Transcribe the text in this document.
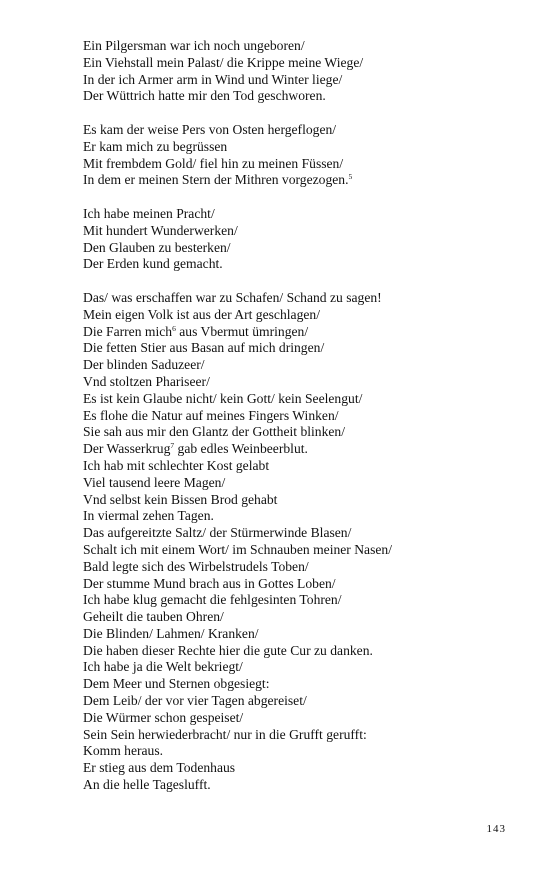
Ein Pilgersman war ich noch ungeboren/
Ein Viehstall mein Palast/ die Krippe meine Wiege/
In der ich Armer arm in Wind und Winter liege/
Der Wüttrich hatte mir den Tod geschworen.
Es kam der weise Pers von Osten hergeflogen/
Er kam mich zu begrüssen
Mit frembdem Gold/ fiel hin zu meinen Füssen/
In dem er meinen Stern der Mithren vorgezogen.$^5$
Ich habe meinen Pracht/
Mit hundert Wunderwerken/
Den Glauben zu besterken/
Der Erden kund gemacht.
Das/ was erschaffen war zu Schafen/ Schand zu sagen!
Mein eigen Volk ist aus der Art geschlagen/
Die Farren mich$^6$ aus Vbermut ümringen/
Die fetten Stier aus Basan auf mich dringen/
Der blinden Saduzeer/
Vnd stoltzen Phariseer/
Es ist kein Glaube nicht/ kein Gott/ kein Seelengut/
Es flohe die Natur auf meines Fingers Winken/
Sie sah aus mir den Glantz der Gottheit blinken/
Der Wasserkrug$^7$ gab edles Weinbeerblut.
Ich hab mit schlechter Kost gelabt
Viel tausend leere Magen/
Vnd selbst kein Bissen Brod gehabt
In viermal zehen Tagen.
Das aufgereitzte Saltz/ der Stürmerwinde Blasen/
Schalt ich mit einem Wort/ im Schnauben meiner Nasen/
Bald legte sich des Wirbelstrudels Toben/
Der stumme Mund brach aus in Gottes Loben/
Ich habe klug gemacht die fehlgesinten Tohren/
Geheilt die tauben Ohren/
Die Blinden/ Lahmen/ Kranken/
Die haben dieser Rechte hier die gute Cur zu danken.
Ich habe ja die Welt bekriegt/
Dem Meer und Sternen obgesiegt:
Dem Leib/ der vor vier Tagen abgereiset/
Die Würmer schon gespeiset/
Sein Sein herwiederbracht/ nur in die Grufft gerufft:
Komm heraus.
Er stieg aus dem Todenhaus
An die helle Tageslufft.
143
